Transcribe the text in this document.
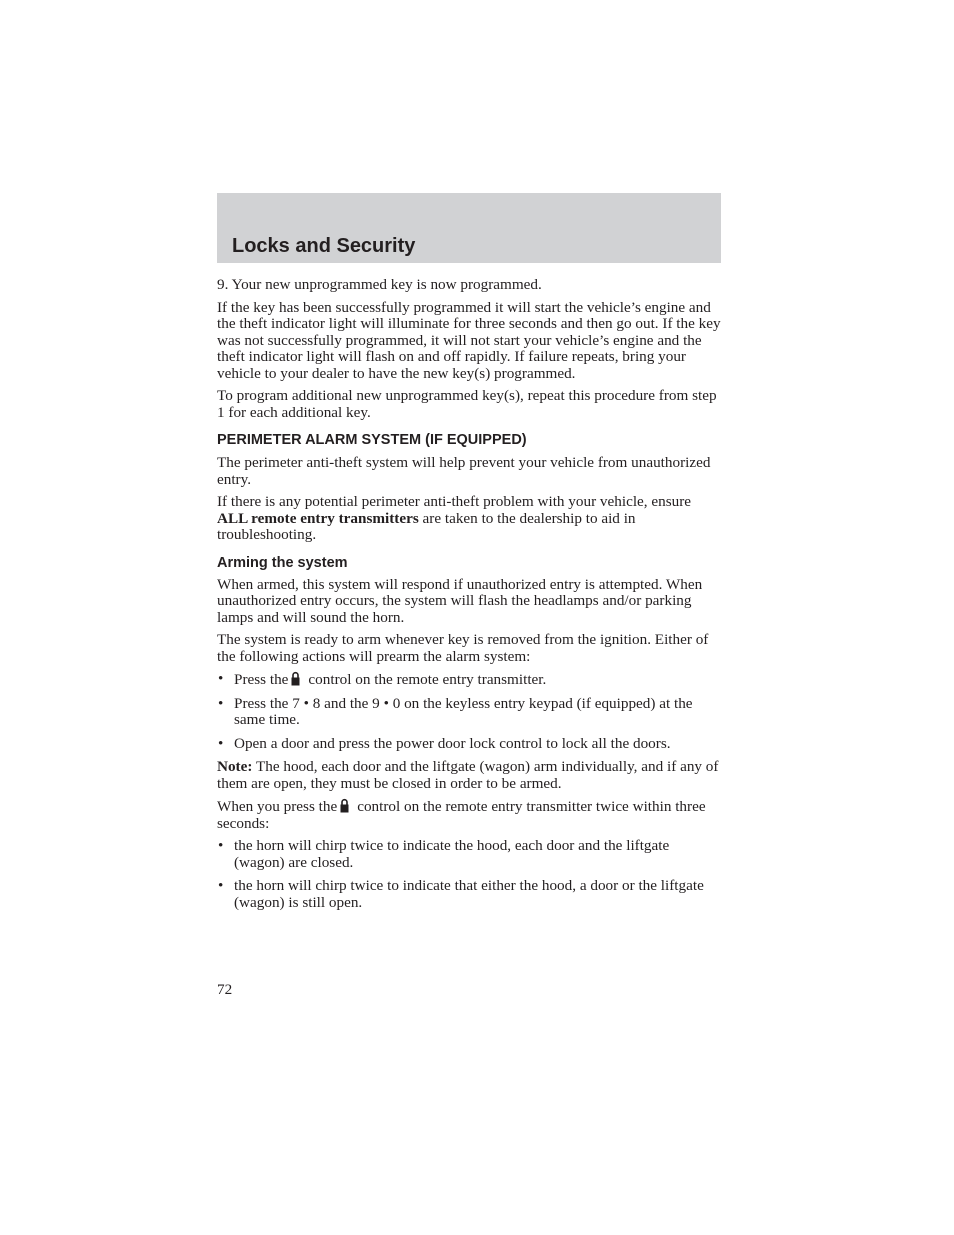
Locks and Security

9. Your new unprogrammed key is now programmed.

If the key has been successfully programmed it will start the vehicle’s engine and the theft indicator light will illuminate for three seconds and then go out. If the key was not successfully programmed, it will not start your vehicle’s engine and the theft indicator light will flash on and off rapidly. If failure repeats, bring your vehicle to your dealer to have the new key(s) programmed.

To program additional new unprogrammed key(s), repeat this procedure from step 1 for each additional key.

PERIMETER ALARM SYSTEM (IF EQUIPPED)

The perimeter anti-theft system will help prevent your vehicle from unauthorized entry.

If there is any potential perimeter anti-theft problem with your vehicle, ensure ALL remote entry transmitters are taken to the dealership to aid in troubleshooting.

Arming the system

When armed, this system will respond if unauthorized entry is attempted. When unauthorized entry occurs, the system will flash the headlamps and/or parking lamps and will sound the horn.

The system is ready to arm whenever key is removed from the ignition. Either of the following actions will prearm the alarm system:

• Press the control on the remote entry transmitter.
• Press the 7 • 8 and the 9 • 0 on the keyless entry keypad (if equipped) at the same time.
• Open a door and press the power door lock control to lock all the doors.

Note: The hood, each door and the liftgate (wagon) arm individually, and if any of them are open, they must be closed in order to be armed.

When you press the control on the remote entry transmitter twice within three seconds:

• the horn will chirp twice to indicate the hood, each door and the liftgate (wagon) are closed.
• the horn will chirp twice to indicate that either the hood, a door or the liftgate (wagon) is still open.
72
